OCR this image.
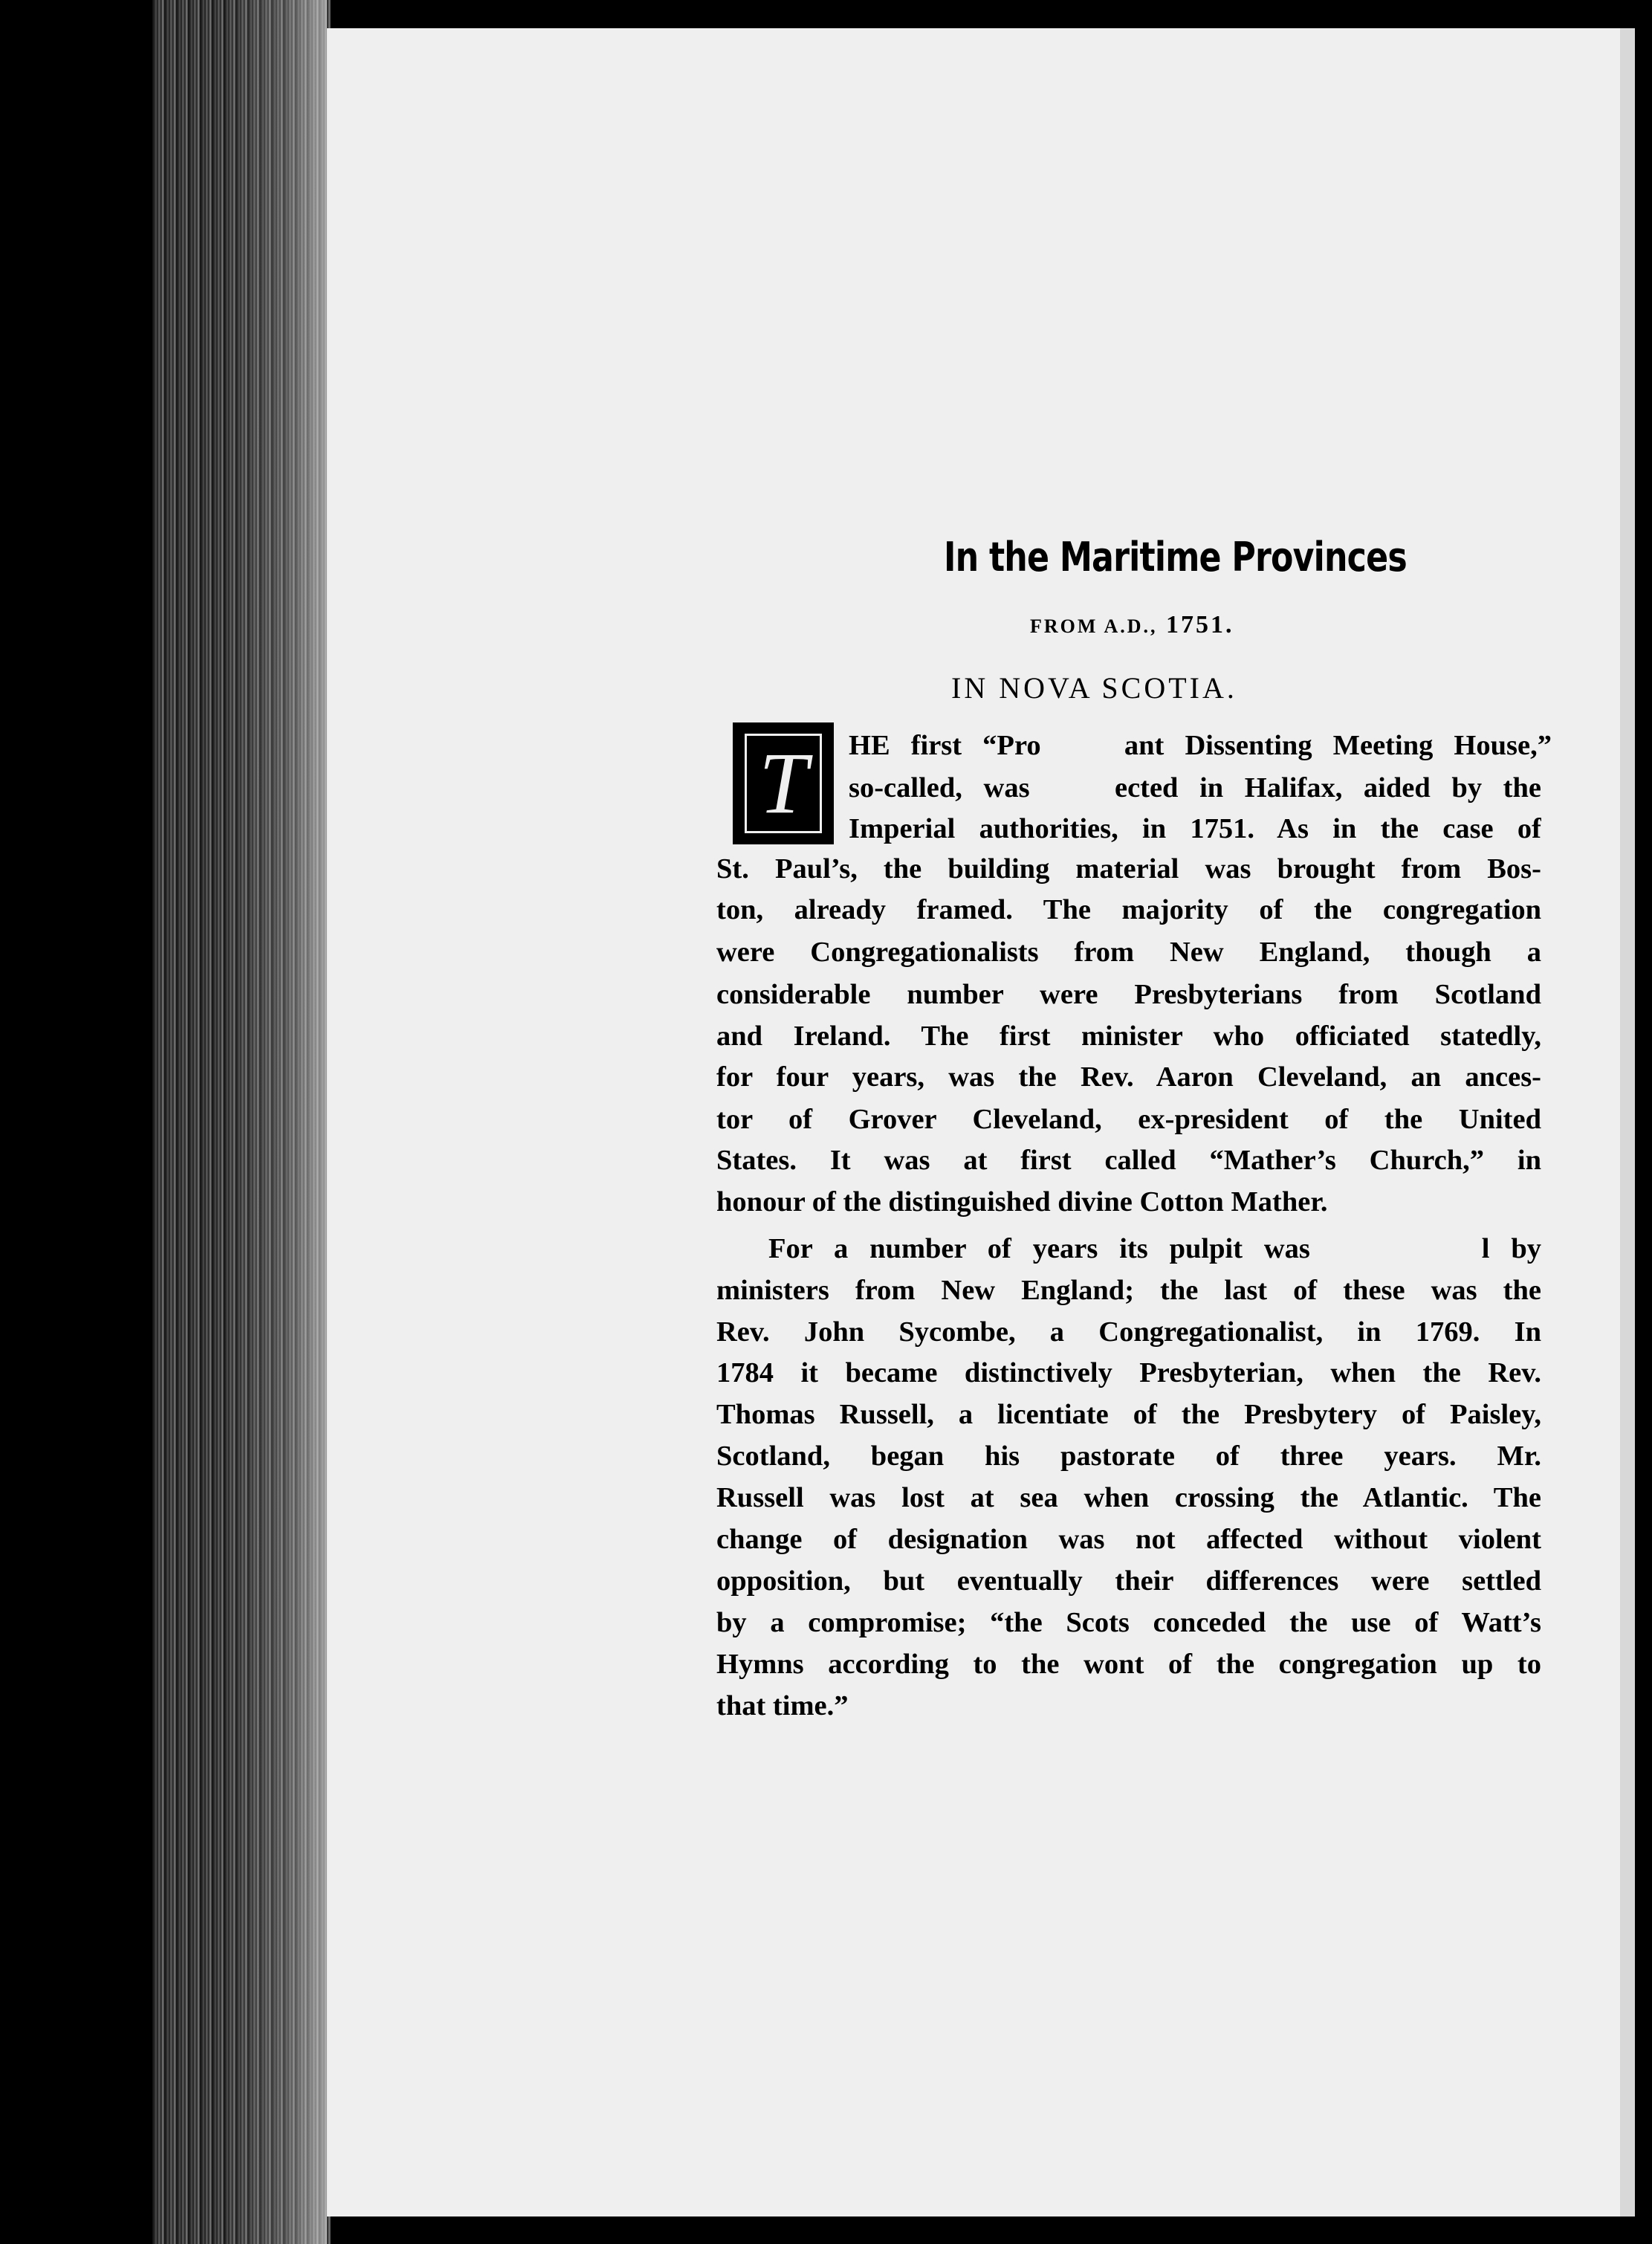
In the Maritime Provinces
FROM A.D., 1751.
IN NOVA SCOTIA.
T	HE first “Pro    ant Dissenting Meeting House,”
so-called, was    ected in Halifax, aided by the
Imperial authorities, in 1751. As in the case of
St. Paul’s, the building material was brought from Bos-
ton, already framed. The majority of the congregation
were Congregationalists from New England, though a
considerable number were Presbyterians from Scotland
and Ireland. The first minister who officiated statedly,
for four years, was the Rev. Aaron Cleveland, an ances-
tor of Grover Cleveland, ex-president of the United
States. It was at first called “Mather’s Church,” in
honour of the distinguished divine Cotton Mather.
For a number of years its pulpit was        l by
ministers from New England; the last of these was the
Rev. John Sycombe, a Congregationalist, in 1769. In
1784 it became distinctively Presbyterian, when the Rev.
Thomas Russell, a licentiate of the Presbytery of Paisley,
Scotland, began his pastorate of three years. Mr.
Russell was lost at sea when crossing the Atlantic. The
change of designation was not affected without violent
opposition, but eventually their differences were settled
by a compromise; “the Scots conceded the use of Watt’s
Hymns according to the wont of the congregation up to
that time.”
